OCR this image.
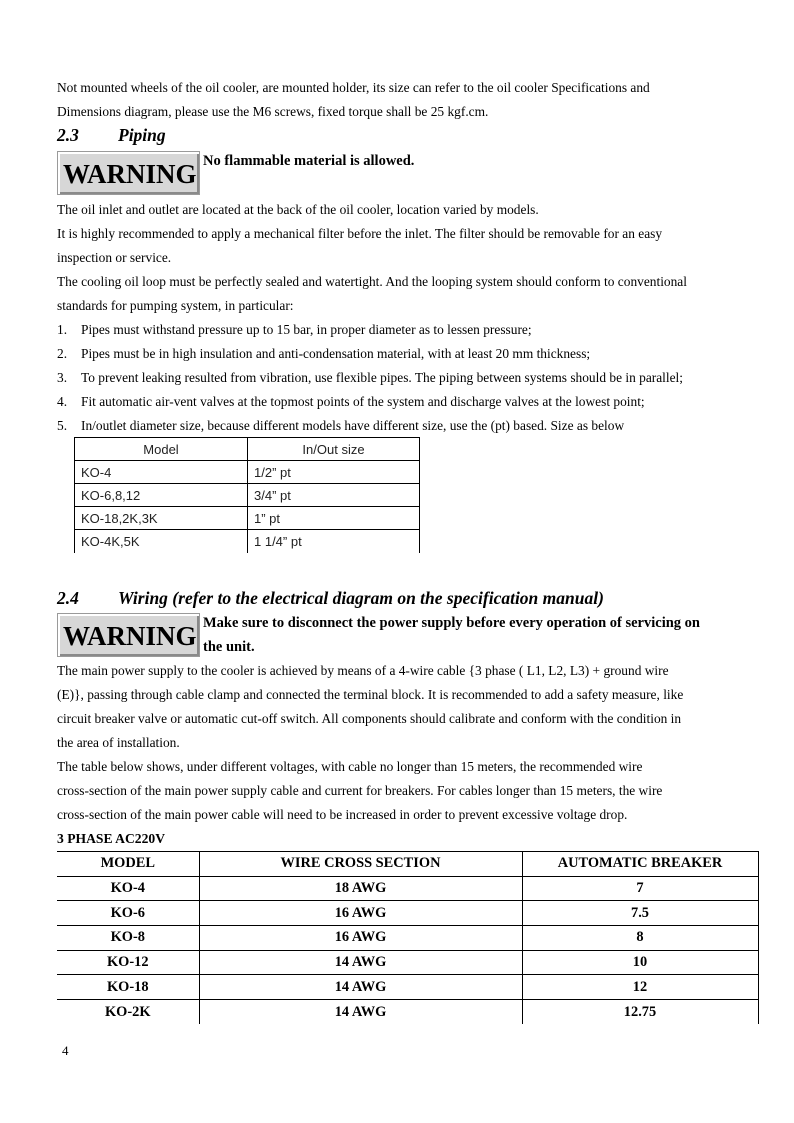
Not mounted wheels of the oil cooler, are mounted holder, its size can refer to the oil cooler Specifications and
Dimensions diagram, please use the M6 screws, fixed torque shall be 25 kgf.cm.
2.3 Piping
WARNING No flammable material is allowed.
The oil inlet and outlet are located at the back of the oil cooler, location varied by models.
It is highly recommended to apply a mechanical filter before the inlet. The filter should be removable for an easy
inspection or service.
The cooling oil loop must be perfectly sealed and watertight. And the looping system should conform to conventional
standards for pumping system, in particular:
1. Pipes must withstand pressure up to 15 bar, in proper diameter as to lessen pressure;
2. Pipes must be in high insulation and anti-condensation material, with at least 20 mm thickness;
3. To prevent leaking resulted from vibration, use flexible pipes. The piping between systems should be in parallel;
4. Fit automatic air-vent valves at the topmost points of the system and discharge valves at the lowest point;
5. In/outlet diameter size, because different models have different size, use the (pt) based. Size as below
Model	In/Out size
KO-4	1/2” pt
KO-6,8,12	3/4” pt
KO-18,2K,3K	1” pt
KO-4K,5K	1 1/4” pt
2.4 Wiring (refer to the electrical diagram on the specification manual)
WARNING Make sure to disconnect the power supply before every operation of servicing on
the unit.
The main power supply to the cooler is achieved by means of a 4-wire cable {3 phase ( L1, L2, L3) + ground wire
(E)}, passing through cable clamp and connected the terminal block. It is recommended to add a safety measure, like
circuit breaker valve or automatic cut-off switch. All components should calibrate and conform with the condition in
the area of installation.
The table below shows, under different voltages, with cable no longer than 15 meters, the recommended wire
cross-section of the main power supply cable and current for breakers. For cables longer than 15 meters, the wire
cross-section of the main power cable will need to be increased in order to prevent excessive voltage drop.
3 PHASE AC220V
MODEL	WIRE CROSS SECTION	AUTOMATIC BREAKER
KO-4	18 AWG	7
KO-6	16 AWG	7.5
KO-8	16 AWG	8
KO-12	14 AWG	10
KO-18	14 AWG	12
KO-2K	14 AWG	12.75
4
